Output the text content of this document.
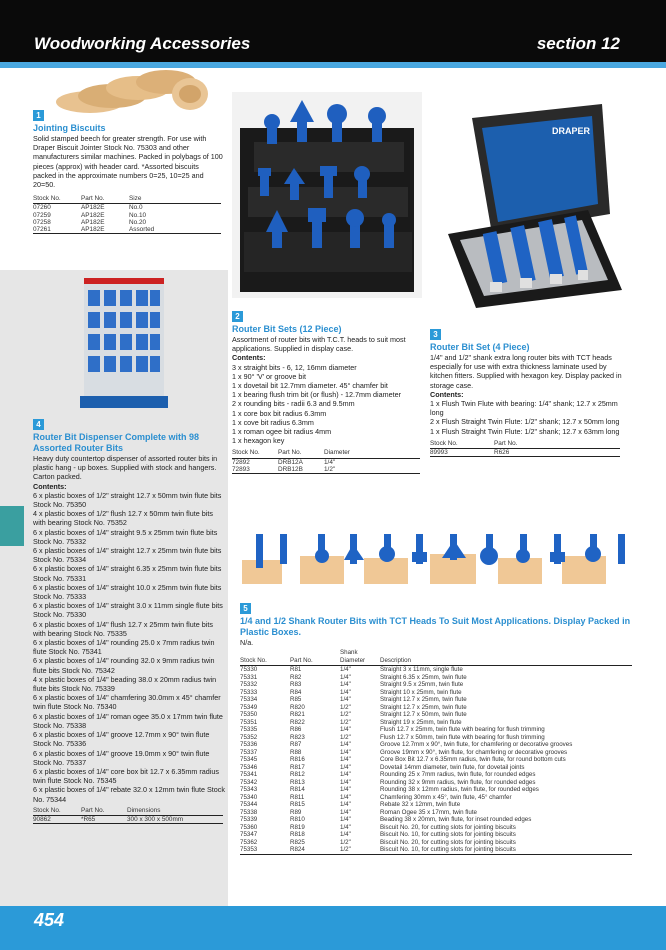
Woodworking Accessories	section 12
1
Jointing Biscuits
Solid stamped beech for greater strength. For use with Draper Biscuit Jointer Stock No. 75303 and other manufacturers similar machines. Packed in polybags of 100 pieces (approx) with header card. *Assorted biscuits packed in the approximate numbers 0=25, 10=25 and 20=50.
Stock No.	Part No.	Size
07260	AP182E	No.0
07259	AP182E	No.10
07258	AP182E	No.20
07261	AP182E	Assorted
2
Router Bit Sets (12 Piece)
Assortment of router bits with T.C.T. heads to suit most applications. Supplied in display case.
Contents:
3 x straight bits - 6, 12, 16mm diameter
1 x 90° 'V' or groove bit
1 x dovetail bit 12.7mm diameter. 45° chamfer bit
1 x bearing flush trim bit (or flush) - 12.7mm diameter
2 x rounding bits - radii 6.3 and 9.5mm
1 x core box bit radius 6.3mm
1 x cove bit radius 6.3mm
1 x roman ogee bit radius 4mm
1 x hexagon key
Stock No.	Part No.	Diameter
72892	DRB12A	1/4"
72893	DRB12B	1/2"
DRAPER
3
Router Bit Set (4 Piece)
1/4" and 1/2" shank extra long router bits with TCT heads especially for use with extra thickness laminate used by kitchen fitters. Supplied with hexagon key. Display packed in storage case.
Contents:
1 x Flush Twin Flute with bearing: 1/4" shank; 12.7 x 25mm long
2 x Flush Straight Twin Flute: 1/2" shank; 12.7 x 50mm long
1 x Flush Straight Twin Flute: 1/2" shank; 12.7 x 63mm long
Stock No.	Part No.
89993	R626
4
Router Bit Dispenser Complete with 98 Assorted Router Bits
Heavy duty countertop dispenser of assorted router bits in plastic hang - up boxes. Supplied with stock and hangers. Carton packed.
Contents:
6 x plastic boxes of 1/2" straight 12.7 x 50mm twin flute bits Stock No. 75350
4 x plastic boxes of 1/2" flush 12.7 x 50mm twin flute bits with bearing Stock No. 75352
6 x plastic boxes of 1/4" straight 9.5 x 25mm twin flute bits Stock No. 75332
6 x plastic boxes of 1/4" straight 12.7 x 25mm twin flute bits Stock No. 75334
6 x plastic boxes of 1/4" straight 6.35 x 25mm twin flute bits Stock No. 75331
6 x plastic boxes of 1/4" straight 10.0 x 25mm twin flute bits Stock No. 75333
6 x plastic boxes of 1/4" straight 3.0 x 11mm single flute bits Stock No. 75330
6 x plastic boxes of 1/4" flush 12.7 x 25mm twin flute bits with bearing Stock No. 75335
6 x plastic boxes of 1/4" rounding 25.0 x 7mm radius twin flute Stock No. 75341
6 x plastic boxes of 1/4" rounding 32.0 x 9mm radius twin flute bits Stock No. 75342
4 x plastic boxes of 1/4" beading 38.0 x 20mm radius twin flute bits Stock No. 75339
6 x plastic boxes of 1/4" chamfering 30.0mm x 45° chamfer twin flute Stock No. 75340
6 x plastic boxes of 1/4" roman ogee 35.0 x 17mm twin flute Stock No. 75338
6 x plastic boxes of 1/4" groove 12.7mm x 90° twin flute Stock No. 75336
6 x plastic boxes of 1/4" groove 19.0mm x 90° twin flute Stock No. 75337
6 x plastic boxes of 1/4" core box bit 12.7 x 6.35mm radius twin flute Stock No. 75345
6 x plastic boxes of 1/4" rebate 32.0 x 12mm twin flute Stock No. 75344
Stock No.	Part No.	Dimensions
90862	*R65	300 x 300 x 500mm
5
1/4 and 1/2 Shank Router Bits with TCT Heads To Suit Most Applications. Display Packed in Plastic Boxes.
N/a.
Stock No.	Part No.	Shank Diameter	Description
75330	R81	1/4"	Straight 3 x 11mm, single flute
75331	R82	1/4"	Straight 6.35 x 25mm, twin flute
75332	R83	1/4"	Straight 9.5 x 25mm, twin flute
75333	R84	1/4"	Straight 10 x 25mm, twin flute
75334	R85	1/4"	Straight 12.7 x 25mm, twin flute
75349	R820	1/2"	Straight 12.7 x 25mm, twin flute
75350	R821	1/2"	Straight 12.7 x 50mm, twin flute
75351	R822	1/2"	Straight 19 x 25mm, twin flute
75335	R86	1/4"	Flush 12.7 x 25mm, twin flute with bearing for flush trimming
75352	R823	1/2"	Flush 12.7 x 50mm, twin flute with bearing for flush trimming
75336	R87	1/4"	Groove 12.7mm x 90°, twin flute, for chamfering or decorative grooves
75337	R88	1/4"	Groove 19mm x 90°, twin flute, for chamfering or decorative grooves
75345	R816	1/4"	Core Box Bit 12.7 x 6.35mm radius, twin flute, for round bottom cuts
75346	R817	1/4"	Dovetail 14mm diameter, twin flute, for dovetail joints
75341	R812	1/4"	Rounding 25 x 7mm radius, twin flute, for rounded edges
75342	R813	1/4"	Rounding 32 x 9mm radius, twin flute, for rounded edges
75343	R814	1/4"	Rounding 38 x 12mm radius, twin flute, for rounded edges
75340	R811	1/4"	Chamfering 30mm x 45°, twin flute, 45° chamfer
75344	R815	1/4"	Rebate 32 x 12mm, twin flute
75338	R89	1/4"	Roman Ogee 35 x 17mm, twin flute
75339	R810	1/4"	Beading 38 x 20mm, twin flute, for inset rounded edges
75360	R819	1/4"	Biscuit No. 20, for cutting slots for jointing biscuits
75347	R818	1/4"	Biscuit No. 10, for cutting slots for jointing biscuits
75362	R825	1/2"	Biscuit No. 20, for cutting slots for jointing biscuits
75353	R824	1/2"	Biscuit No. 10, for cutting slots for jointing biscuits
454
